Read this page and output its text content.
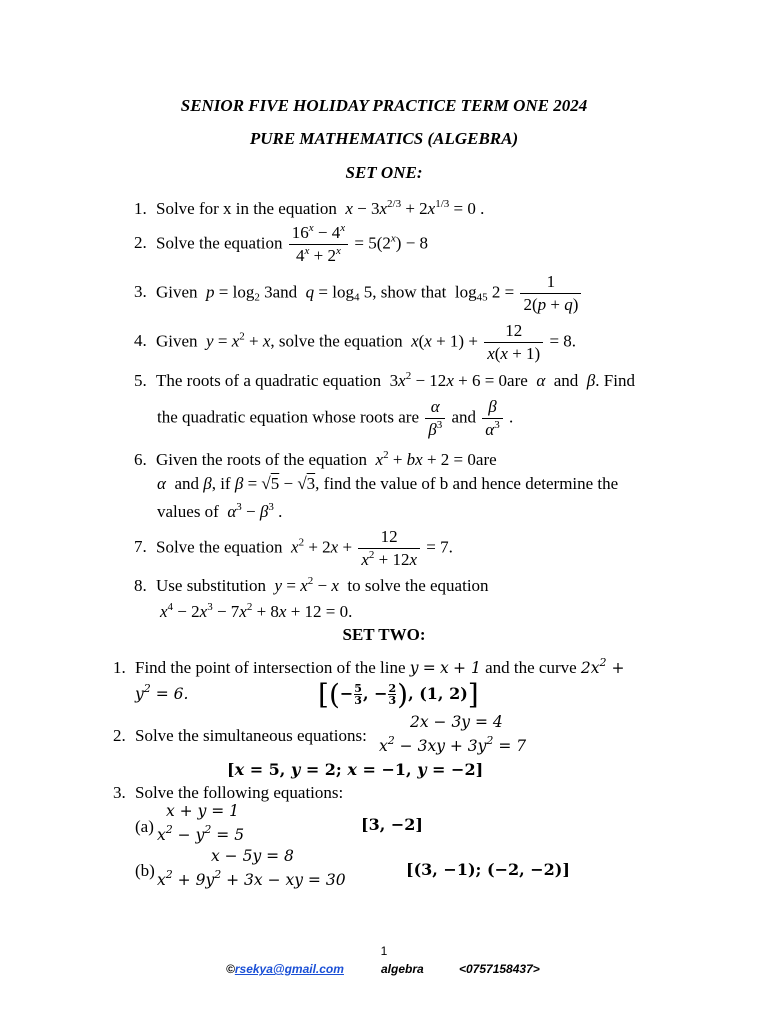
SENIOR FIVE HOLIDAY PRACTICE TERM ONE 2024
PURE MATHEMATICS (ALGEBRA)
SET ONE:
1. Solve for x in the equation $x - 3x^{2/3} + 2x^{1/3} = 0$ .
2. Solve the equation $\frac{16^x - 4^x}{4^x + 2^x} = 5(2^x) - 8$
3. Given $p = \log_2 3and$ $q = \log_4 5$, show that  $\log_{45} 2 = \frac{1}{2(p + q)}$
4. Given $y = x^2 + x$, solve the equation $x(x + 1) + \frac{12}{x(x + 1)} = 8$.
5. The roots of a quadratic equation  $3x^2 - 12x + 6 = 0are$ α and β. Find
the quadratic equation whose roots are $\frac{\alpha}{\beta^3}$ and $\frac{\beta}{\alpha^3}$ .
6. Given the roots of the equation $x^2$ + bx + 2 = 0are
α and β, if β = √5 − √3, find the value of b and hence determine the
values of $\alpha^3 - \beta^3$ .
7. Solve the equation $x^2 + 2x + \frac{12}{x^2 + 12x} = 7$.
8. Use substitution $y = x^2 - x$ to solve the equation
$x^4 - 2x^3 - 7x^2 + 8x + 12 = 0$.
SET TWO:
1. Find the point of intersection of the line y = x + 1 and the curve $2x^2$ +
$y^2 = 6$.	[(− $\frac{5}{3}$ , − $\frac{2}{3}$ ), (1, 2)]
2x − 3y = 4
2. Solve the simultaneous equations:
$x^2 - 3xy + 3y^2 = 7$
[x = 5, y = 2; x = −1, y = −2]
3. Solve the following equations:
x + y = 1
(a) $x^2 - y^2 = 5$
[3, −2]
x − 5y = 8
(b) $x^2 + 9y^2 + 3x$ − xy = 30
[(3, −1); (−2, −2)]
1
©rsekya@gmail.com	algebra	<0757158437>
